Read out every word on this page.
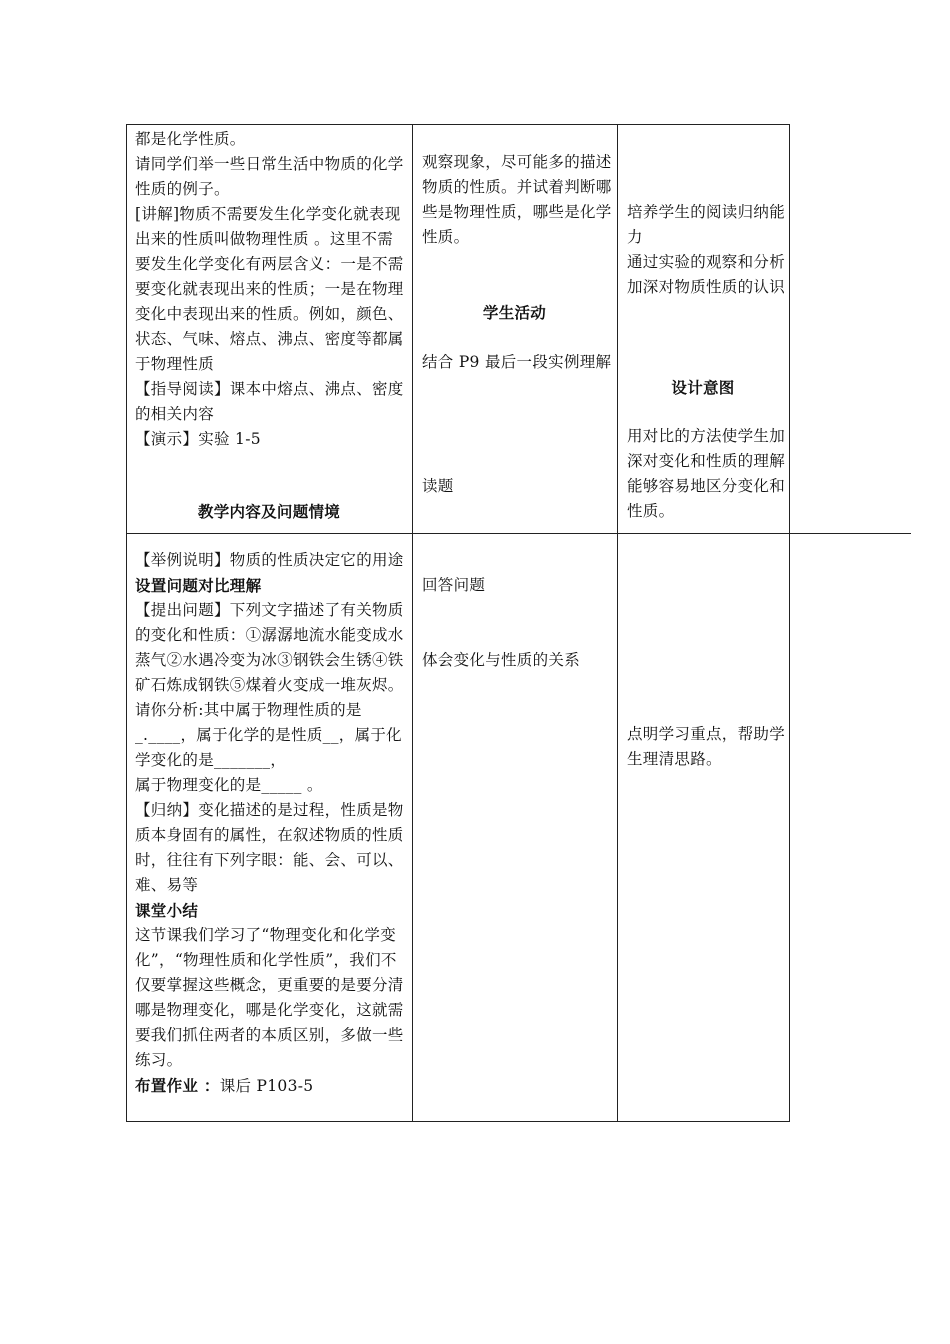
都是化学性质。

请同学们举一些日常生活中物质的化学性质的例子。

[讲解]物质不需要发生化学变化就表现出来的性质叫做物理性质 。这里不需要发生化学变化有两层含义：一是不需要变化就表现出来的性质；一是在物理变化中表现出来的性质。例如，颜色、状态、气味、熔点、沸点、密度等都属于物理性质

【指导阅读】课本中熔点、沸点、密度的相关内容

【演示】实验 1-5

教学内容及问题情境

观察现象，尽可能多的描述物质的性质。并试着判断哪些是物理性质，哪些是化学性质。

学生活动

结合 P9 最后一段实例理解

读题

培养学生的阅读归纳能力

通过实验的观察和分析

加深对物质性质的认识

设计意图

用对比的方法使学生加深对变化和性质的理解

能够容易地区分变化和性质。

【举例说明】物质的性质决定它的用途

设置问题对比理解

【提出问题】下列文字描述了有关物质的变化和性质：①潺潺地流水能变成水蒸气②水遇冷变为冰③钢铁会生锈④铁矿石炼成钢铁⑤煤着火变成一堆灰烬。请你分析:其中属于物理性质的是_.____，属于化学的是性质__，属于化学变化的是_______，

属于物理变化的是_____ 。

【归纳】变化描述的是过程，性质是物质本身固有的属性，在叙述物质的性质时，往往有下列字眼：能、会、可以、难、易等

课堂小结

这节课我们学习了“物理变化和化学变化”，“物理性质和化学性质”，我们不仅要掌握这些概念，更重要的是要分清哪是物理变化，哪是化学变化，这就需要我们抓住两者的本质区别，多做一些练习。

布置作业 ：课后 P103-5

回答问题
体会变化与性质的关系

点明学习重点，帮助学生理清思路。
